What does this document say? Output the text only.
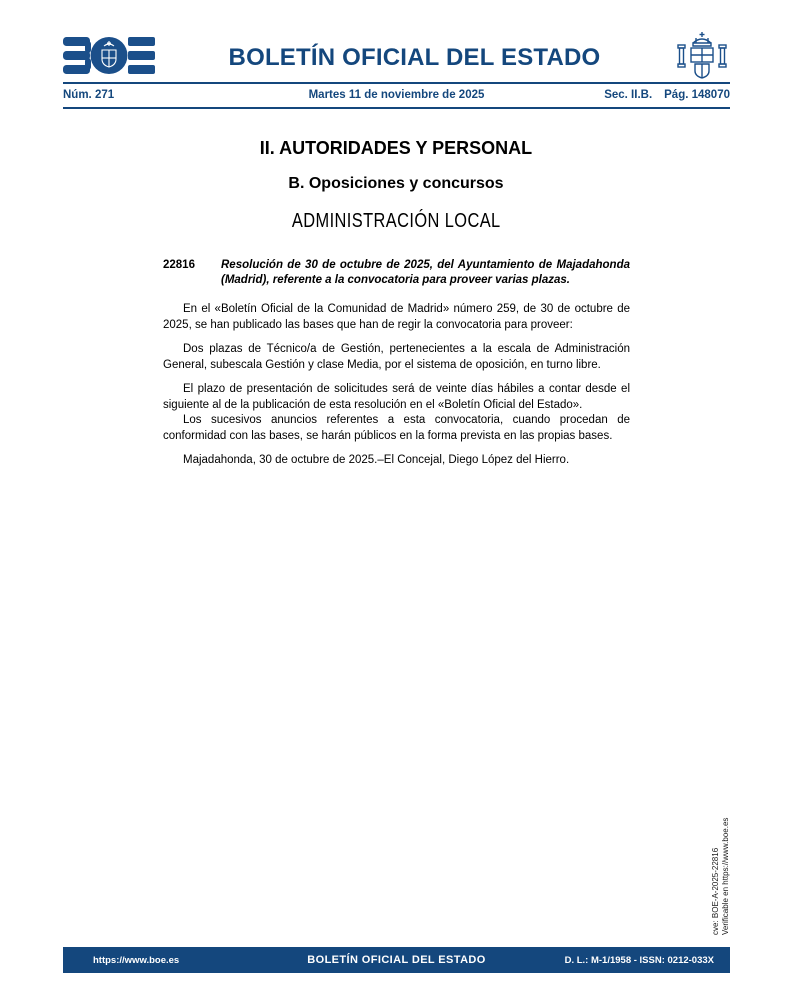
BOLETÍN OFICIAL DEL ESTADO
Núm. 271	Martes 11 de noviembre de 2025	Sec. II.B. Pág. 148070
II. AUTORIDADES Y PERSONAL
B. Oposiciones y concursos
ADMINISTRACIÓN LOCAL
22816	Resolución de 30 de octubre de 2025, del Ayuntamiento de Majadahonda (Madrid), referente a la convocatoria para proveer varias plazas.

En el «Boletín Oficial de la Comunidad de Madrid» número 259, de 30 de octubre de 2025, se han publicado las bases que han de regir la convocatoria para proveer:

Dos plazas de Técnico/a de Gestión, pertenecientes a la escala de Administración General, subescala Gestión y clase Media, por el sistema de oposición, en turno libre.

El plazo de presentación de solicitudes será de veinte días hábiles a contar desde el siguiente al de la publicación de esta resolución en el «Boletín Oficial del Estado».

Los sucesivos anuncios referentes a esta convocatoria, cuando procedan de conformidad con las bases, se harán públicos en la forma prevista en las propias bases.

Majadahonda, 30 de octubre de 2025.–El Concejal, Diego López del Hierro.

cve: BOE-A-2025-22816 Verificable en https://www.boe.es
https://www.boe.es	BOLETÍN OFICIAL DEL ESTADO	D. L.: M-1/1958 - ISSN: 0212-033X
